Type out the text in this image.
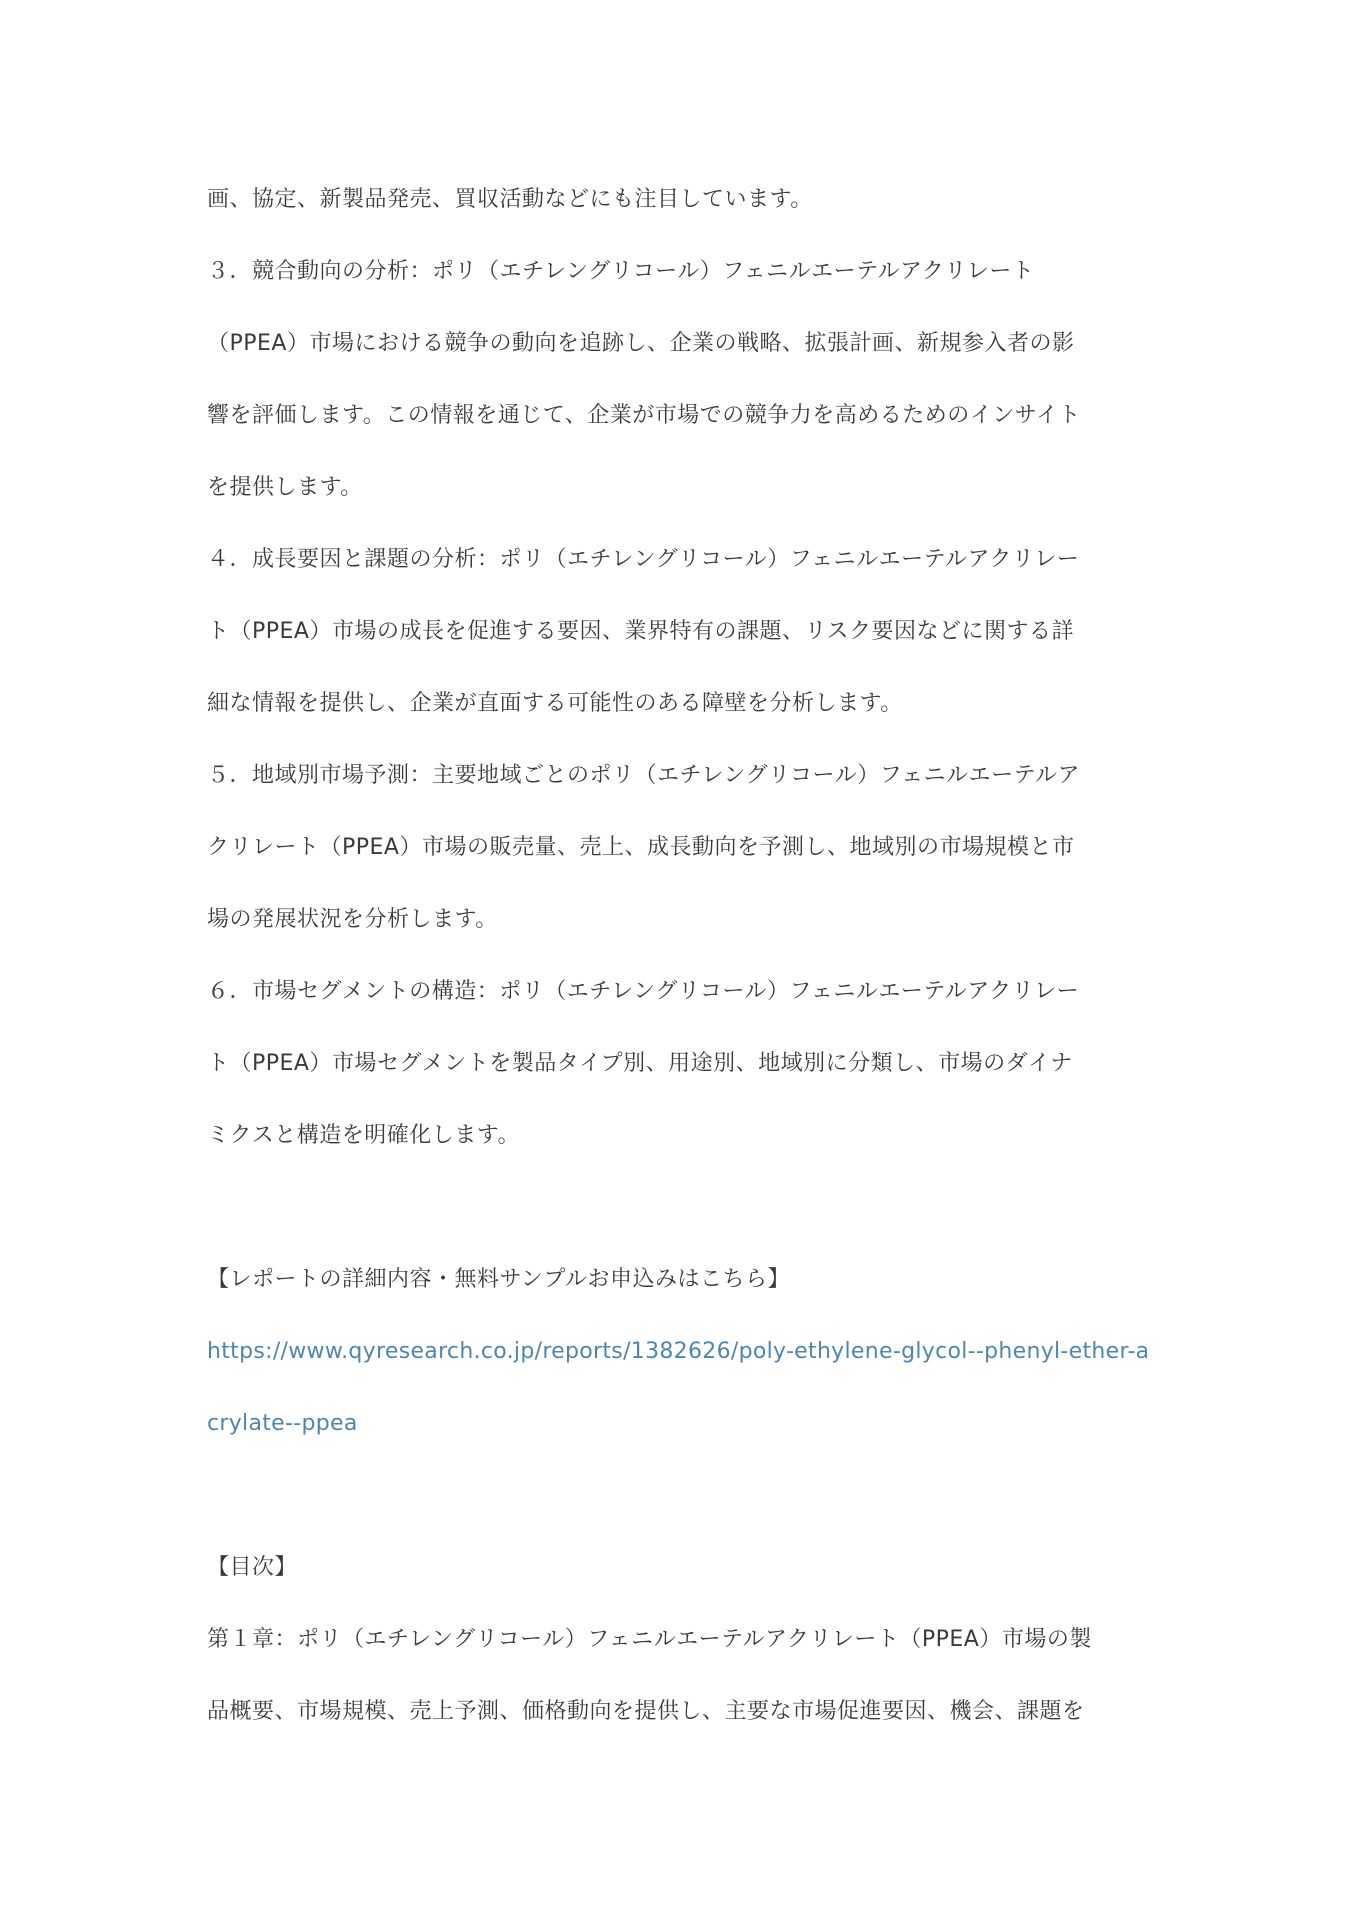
画、協定、新製品発売、買収活動などにも注目しています。
３．競合動向の分析：ポリ（エチレングリコール）フェニルエーテルアクリレート
（PPEA）市場における競争の動向を追跡し、企業の戦略、拡張計画、新規参入者の影
響を評価します。この情報を通じて、企業が市場での競争力を高めるためのインサイト
を提供します。
４．成長要因と課題の分析：ポリ（エチレングリコール）フェニルエーテルアクリレー
ト（PPEA）市場の成長を促進する要因、業界特有の課題、リスク要因などに関する詳
細な情報を提供し、企業が直面する可能性のある障壁を分析します。
５．地域別市場予測：主要地域ごとのポリ（エチレングリコール）フェニルエーテルア
クリレート（PPEA）市場の販売量、売上、成長動向を予測し、地域別の市場規模と市
場の発展状況を分析します。
６．市場セグメントの構造：ポリ（エチレングリコール）フェニルエーテルアクリレー
ト（PPEA）市場セグメントを製品タイプ別、用途別、地域別に分類し、市場のダイナ
ミクスと構造を明確化します。
【レポートの詳細内容・無料サンプルお申込みはこちら】
https://www.qyresearch.co.jp/reports/1382626/poly-ethylene-glycol--phenyl-ether-a
crylate--ppea
【目次】
第１章：ポリ（エチレングリコール）フェニルエーテルアクリレート（PPEA）市場の製
品概要、市場規模、売上予測、価格動向を提供し、主要な市場促進要因、機会、課題を
